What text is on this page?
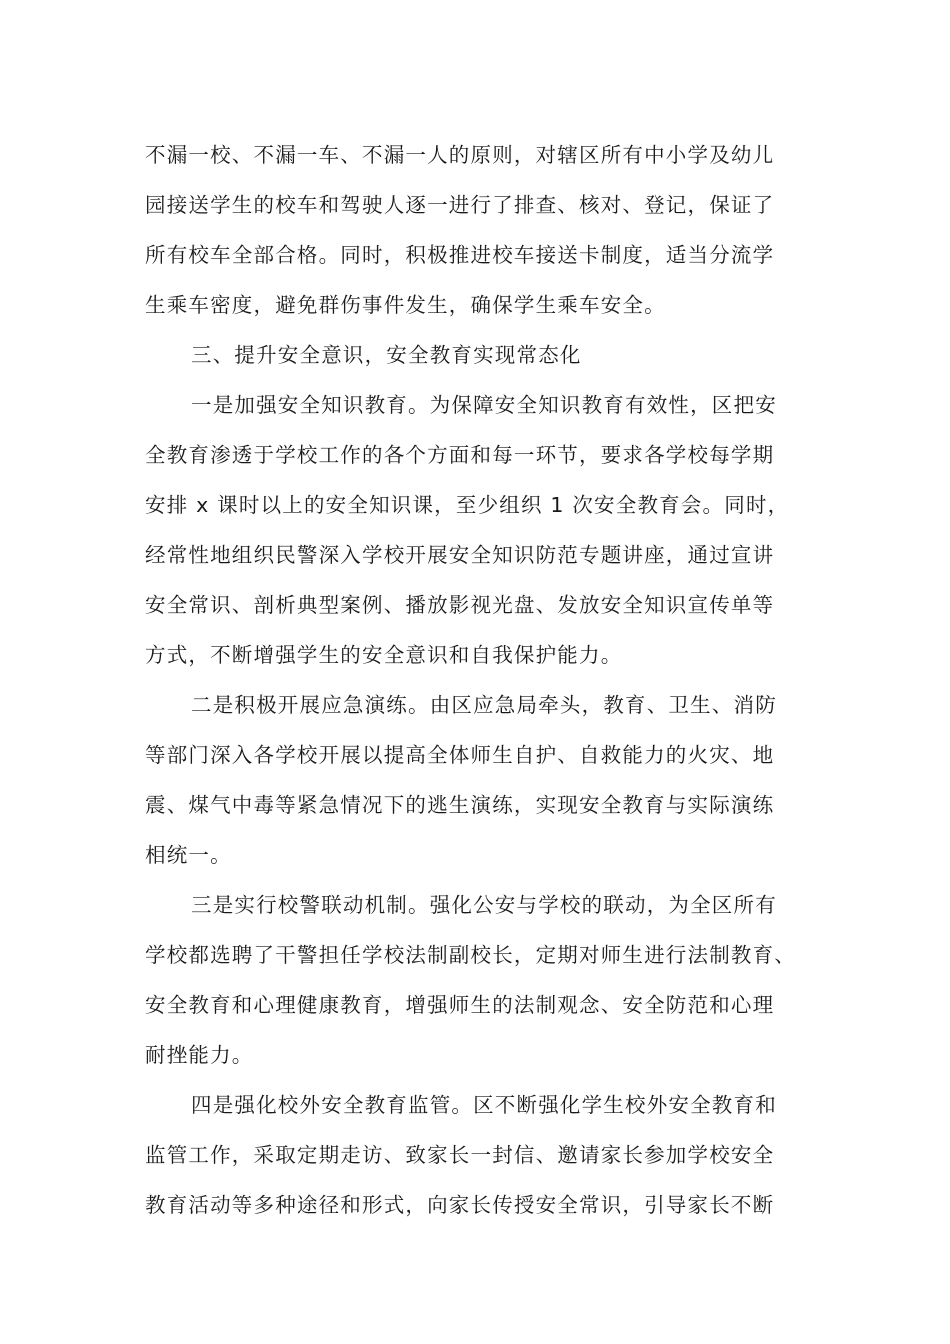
不漏一校、不漏一车、不漏一人的原则，对辖区所有中小学及幼儿
园接送学生的校车和驾驶人逐一进行了排查、核对、登记，保证了
所有校车全部合格。同时，积极推进校车接送卡制度，适当分流学
生乘车密度，避免群伤事件发生，确保学生乘车安全。
三、提升安全意识，安全教育实现常态化
一是加强安全知识教育。为保障安全知识教育有效性，区把安
全教育渗透于学校工作的各个方面和每一环节，要求各学校每学期
安排 x 课时以上的安全知识课，至少组织 1 次安全教育会。同时，
经常性地组织民警深入学校开展安全知识防范专题讲座，通过宣讲
安全常识、剖析典型案例、播放影视光盘、发放安全知识宣传单等
方式，不断增强学生的安全意识和自我保护能力。
二是积极开展应急演练。由区应急局牵头，教育、卫生、消防
等部门深入各学校开展以提高全体师生自护、自救能力的火灾、地
震、煤气中毒等紧急情况下的逃生演练，实现安全教育与实际演练
相统一。
三是实行校警联动机制。强化公安与学校的联动，为全区所有
学校都选聘了干警担任学校法制副校长，定期对师生进行法制教育、
安全教育和心理健康教育，增强师生的法制观念、安全防范和心理
耐挫能力。
四是强化校外安全教育监管。区不断强化学生校外安全教育和
监管工作，采取定期走访、致家长一封信、邀请家长参加学校安全
教育活动等多种途径和形式，向家长传授安全常识，引导家长不断
